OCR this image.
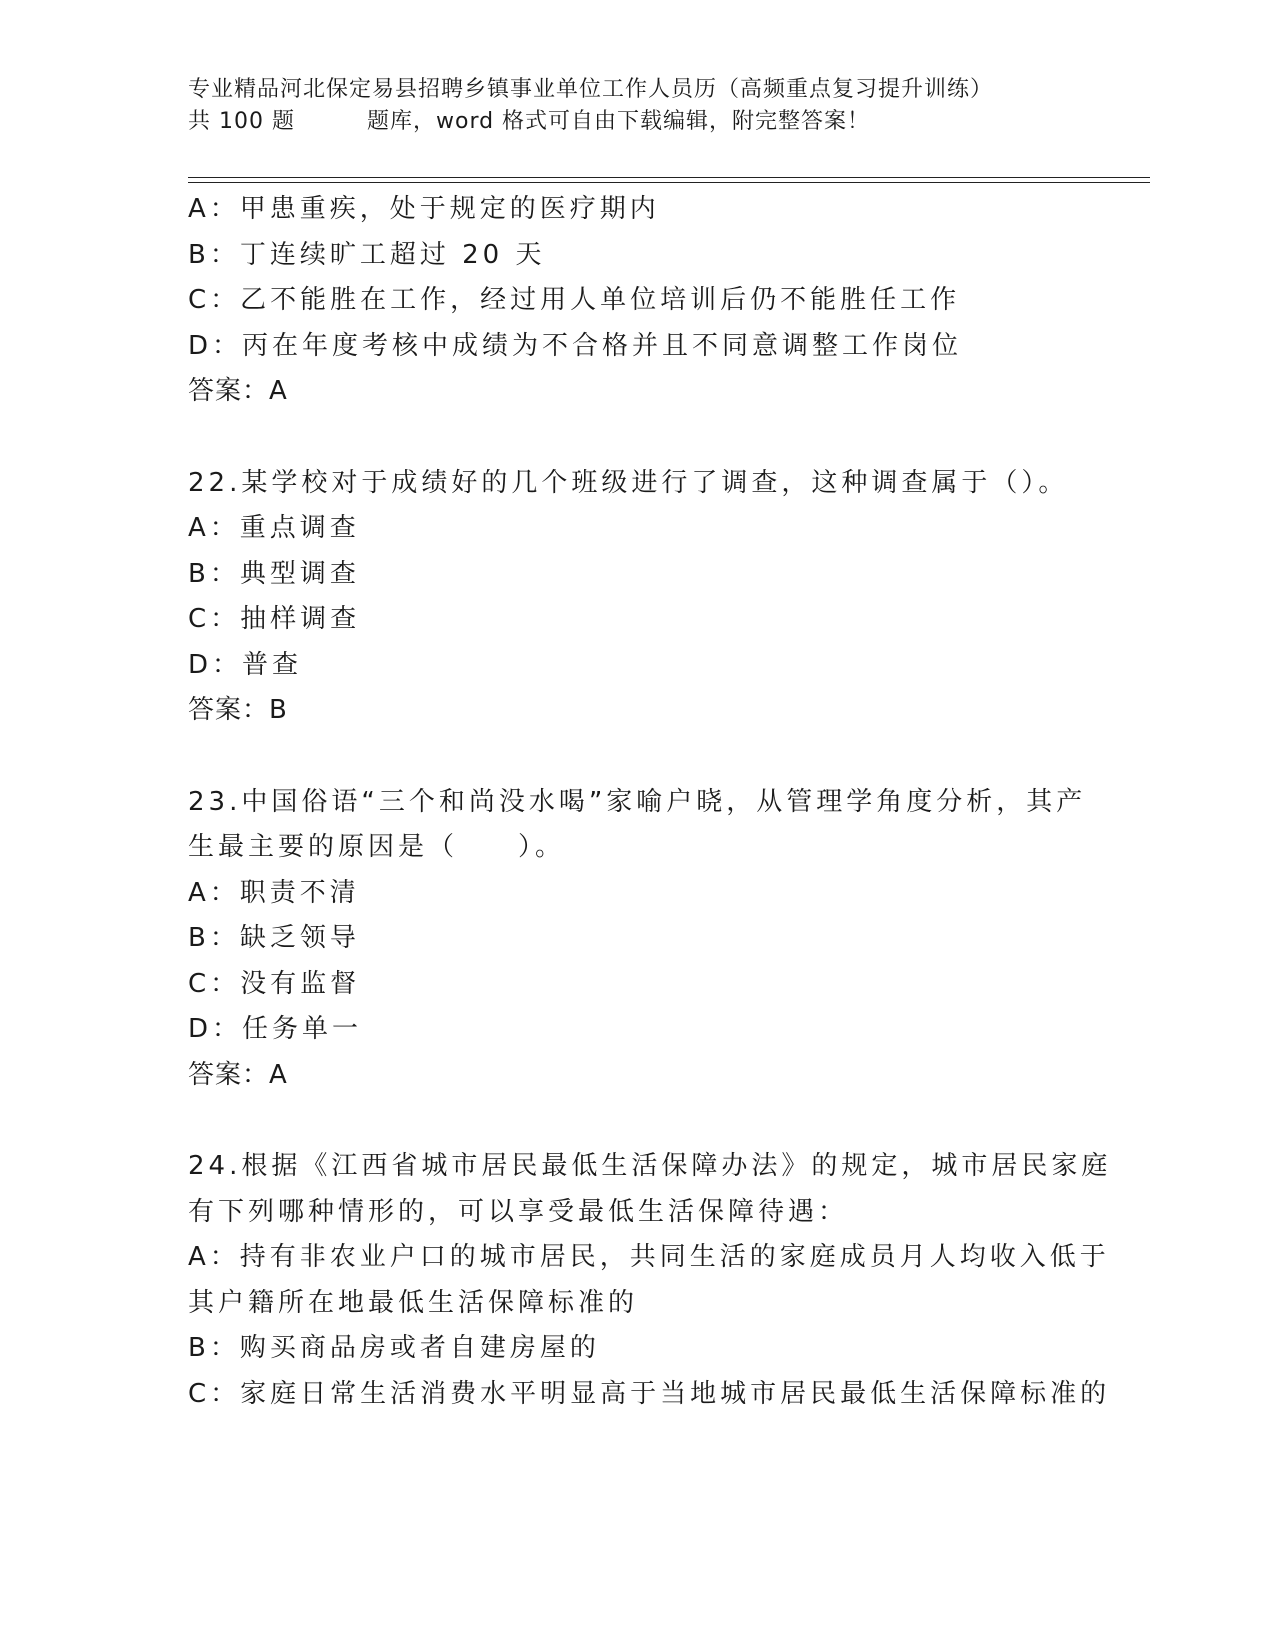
专业精品河北保定易县招聘乡镇事业单位工作人员历（高频重点复习提升训练）
共 100 题	题库，word 格式可自由下载编辑，附完整答案！
A：甲患重疾，处于规定的医疗期内
B：丁连续旷工超过 20 天
C：乙不能胜在工作，经过用人单位培训后仍不能胜任工作
D：丙在年度考核中成绩为不合格并且不同意调整工作岗位
答案：A
22.某学校对于成绩好的几个班级进行了调查，这种调查属于（）。
A：重点调查
B：典型调查
C：抽样调查
D：普查
答案：B
23.中国俗语“三个和尚没水喝”家喻户晓，从管理学角度分析，其产
生最主要的原因是（　　）。
A：职责不清
B：缺乏领导
C：没有监督
D：任务单一
答案：A
24.根据《江西省城市居民最低生活保障办法》的规定，城市居民家庭
有下列哪种情形的，可以享受最低生活保障待遇：
A：持有非农业户口的城市居民，共同生活的家庭成员月人均收入低于
其户籍所在地最低生活保障标准的
B：购买商品房或者自建房屋的
C：家庭日常生活消费水平明显高于当地城市居民最低生活保障标准的
